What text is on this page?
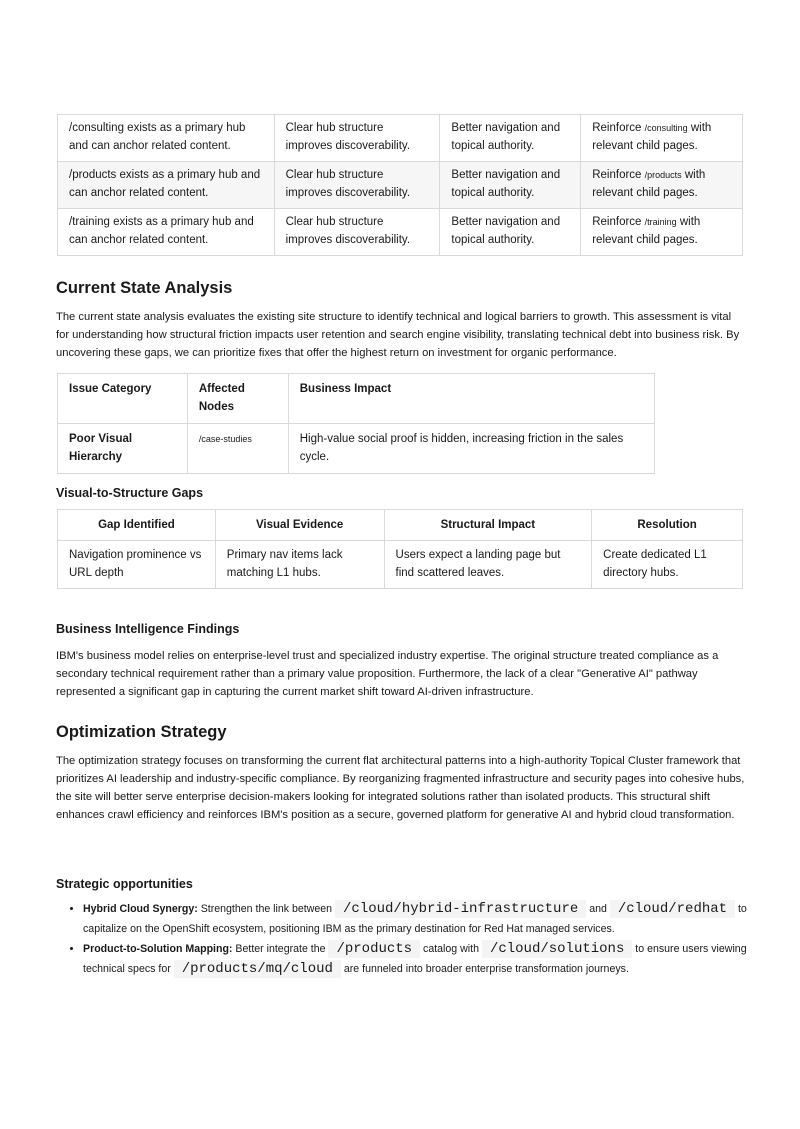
/consulting exists as a primary hub and can anchor related content.	Clear hub structure improves discoverability.	Better navigation and topical authority.	Reinforce /consulting with relevant child pages.
/products exists as a primary hub and can anchor related content.	Clear hub structure improves discoverability.	Better navigation and topical authority.	Reinforce /products with relevant child pages.
/training exists as a primary hub and can anchor related content.	Clear hub structure improves discoverability.	Better navigation and topical authority.	Reinforce /training with relevant child pages.
Current State Analysis

The current state analysis evaluates the existing site structure to identify technical and logical barriers to growth. This assessment is vital for understanding how structural friction impacts user retention and search engine visibility, translating technical debt into business risk. By uncovering these gaps, we can prioritize fixes that offer the highest return on investment for organic performance.

Issue Category	Affected Nodes	Business Impact
Poor Visual Hierarchy	/case-studies	High-value social proof is hidden, increasing friction in the sales cycle.
Visual-to-Structure Gaps
Gap Identified	Visual Evidence	Structural Impact	Resolution
Navigation prominence vs URL depth	Primary nav items lack matching L1 hubs.	Users expect a landing page but find scattered leaves.	Create dedicated L1 directory hubs.
Business Intelligence Findings

IBM's business model relies on enterprise-level trust and specialized industry expertise. The original structure treated compliance as a secondary technical requirement rather than a primary value proposition. Furthermore, the lack of a clear "Generative AI" pathway represented a significant gap in capturing the current market shift toward AI-driven infrastructure.

Optimization Strategy

The optimization strategy focuses on transforming the current flat architectural patterns into a high-authority Topical Cluster framework that prioritizes AI leadership and industry-specific compliance. By reorganizing fragmented infrastructure and security pages into cohesive hubs, the site will better serve enterprise decision-makers looking for integrated solutions rather than isolated products. This structural shift enhances crawl efficiency and reinforces IBM's position as a secure, governed platform for generative AI and hybrid cloud transformation.

Strategic opportunities
• Hybrid Cloud Synergy: Strengthen the link between /cloud/hybrid-infrastructure and /cloud/redhat to capitalize on the OpenShift ecosystem, positioning IBM as the primary destination for Red Hat managed services.
• Product-to-Solution Mapping: Better integrate the /products catalog with /cloud/solutions to ensure users viewing technical specs for /products/mq/cloud are funneled into broader enterprise transformation journeys.
